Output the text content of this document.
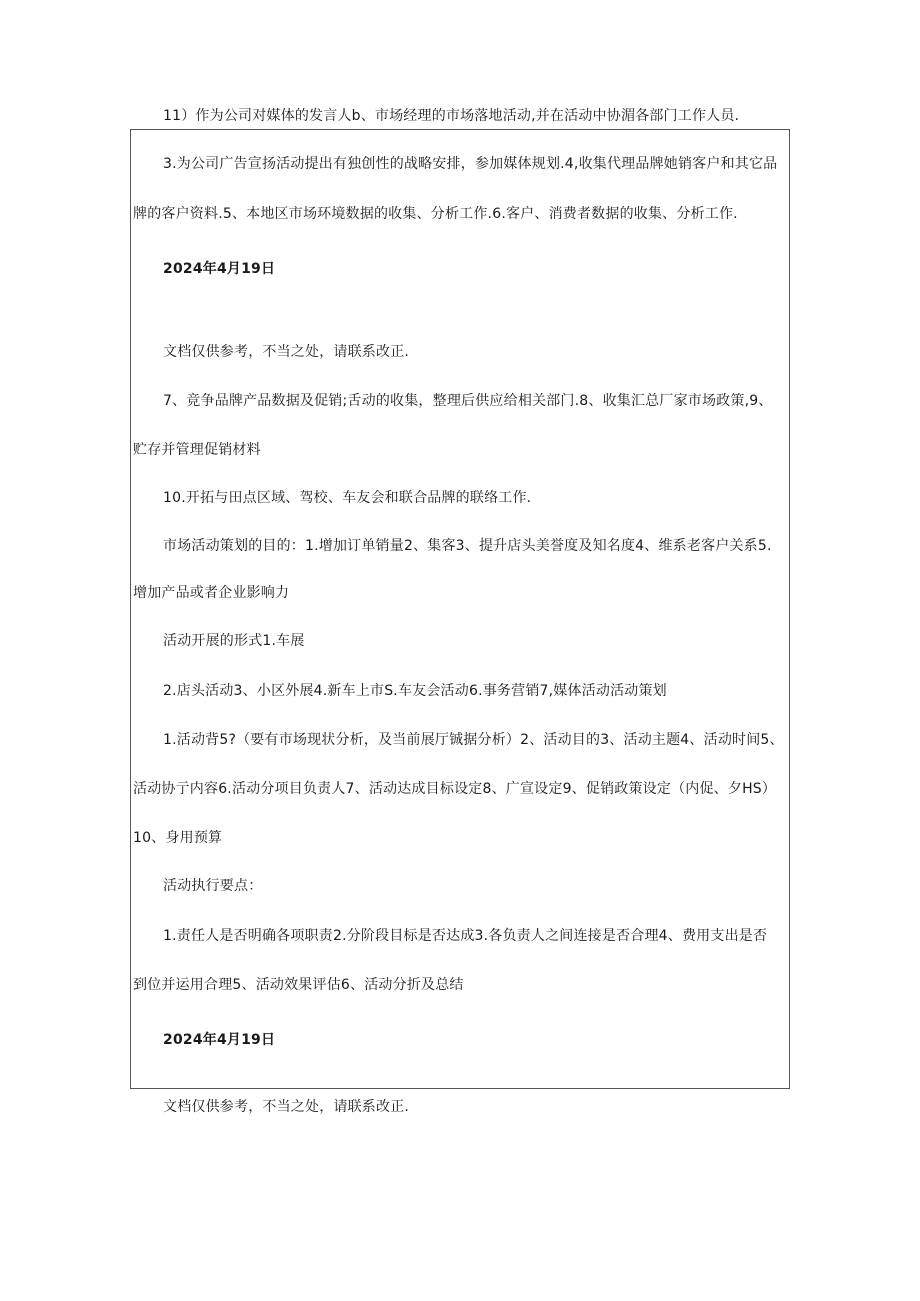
11）作为公司对媒体的发言人b、市场经理的市场落地活动,并在活动中协湄各部门工作人员.
3.为公司广告宣扬活动提出有独创性的战略安排，参加媒体规划.4,收集代理品牌她销客户和其它品
牌的客户资料.5、本地区市场环境数据的收集、分析工作.6.客户、消费者数据的收集、分析工作.
2024年4月19日
文档仅供参考，不当之处，请联系改正.
7、竞争品牌产品数据及促销;舌动的收集，整理后供应给相关部门.8、收集汇总厂家市场政策,9、
贮存并管理促销材料
10.开拓与田点区域、驾校、车友会和联合品牌的联络工作.
市场活动策划的目的：1.增加订单销量2、集客3、提升店头美誉度及知名度4、维系老客户关系5.
增加产品或者企业影响力
活动开展的形式1.车展
2.店头活动3、小区外展4.新车上市S.车友会活动6.事务营销7,媒体活动活动策划
1.活动背5?（要有市场现状分析，及当前展厅铖据分析）2、活动目的3、活动主题4、活动时间5、
活动协亍内容6.活动分项目负责人7、活动达成目标设定8、广宣设定9、促销政策设定（内促、夕HS）
10、身用预算
活动执行要点：
1.责任人是否明确各项职责2.分阶段目标是否达成3.各负责人之间连接是否合理4、费用支出是否
到位并运用合理5、活动效果评估6、活动分折及总结
2024年4月19日
文档仅供参考，不当之处，请联系改正.
